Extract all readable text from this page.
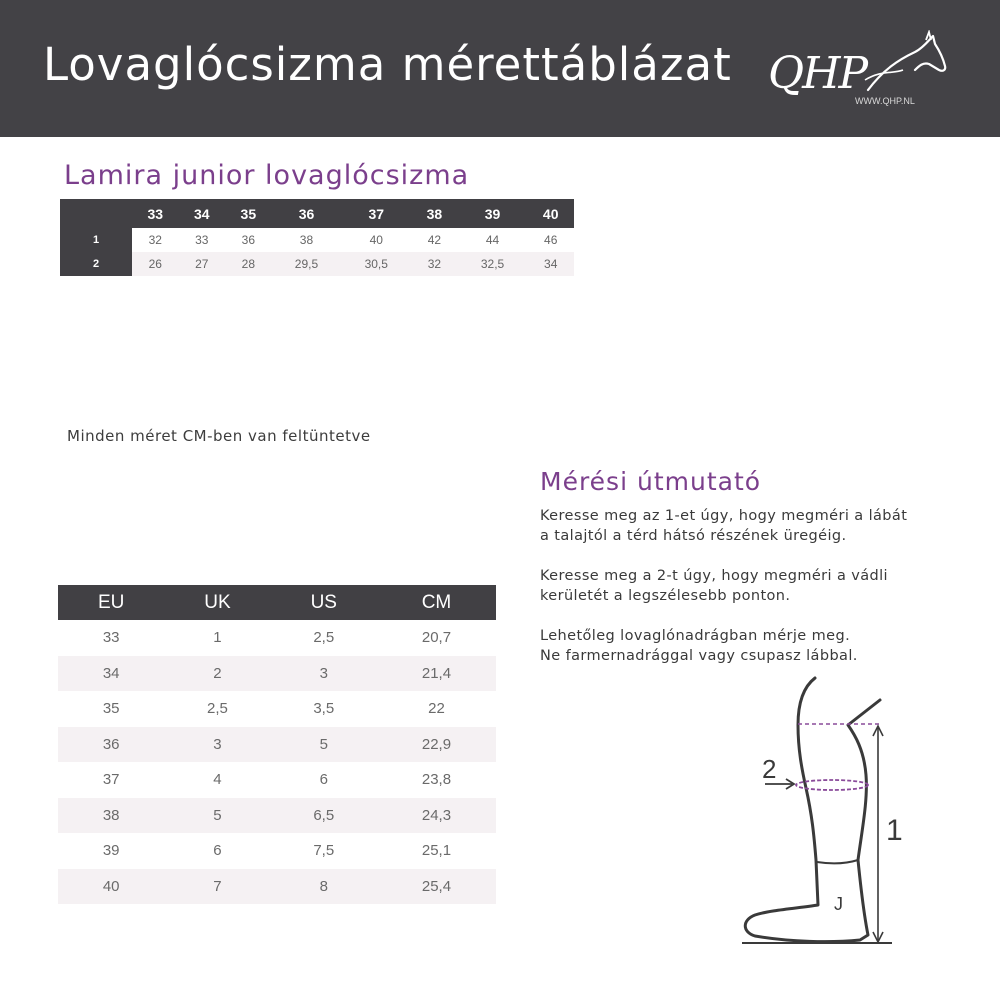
Lovaglócsizma mérettáblázat QHP
WWW.QHP.NL
Lamira junior lovaglócsizma
	33	34	35	36	37	38	39	40
1	32	33	36	38	40	42	44	46
2	26	27	28	29,5	30,5	32	32,5	34
Minden méret CM-ben van feltüntetve
EU	UK	US	CM
33	1	2,5	20,7
34	2	3	21,4
35	2,5	3,5	22
36	3	5	22,9
37	4	6	23,8
38	5	6,5	24,3
39	6	7,5	25,1
40	7	8	25,4
Mérési útmutató

Keresse meg az 1-et úgy, hogy megméri a lábát
a talajtól a térd hátsó részének üregéig.

Keresse meg a 2-t úgy, hogy megméri a vádli
kerületét a legszélesebb ponton.

Lehetőleg lovaglónadrágban mérje meg.
Ne farmernadrággal vagy csupasz lábbal.

2
1
J
